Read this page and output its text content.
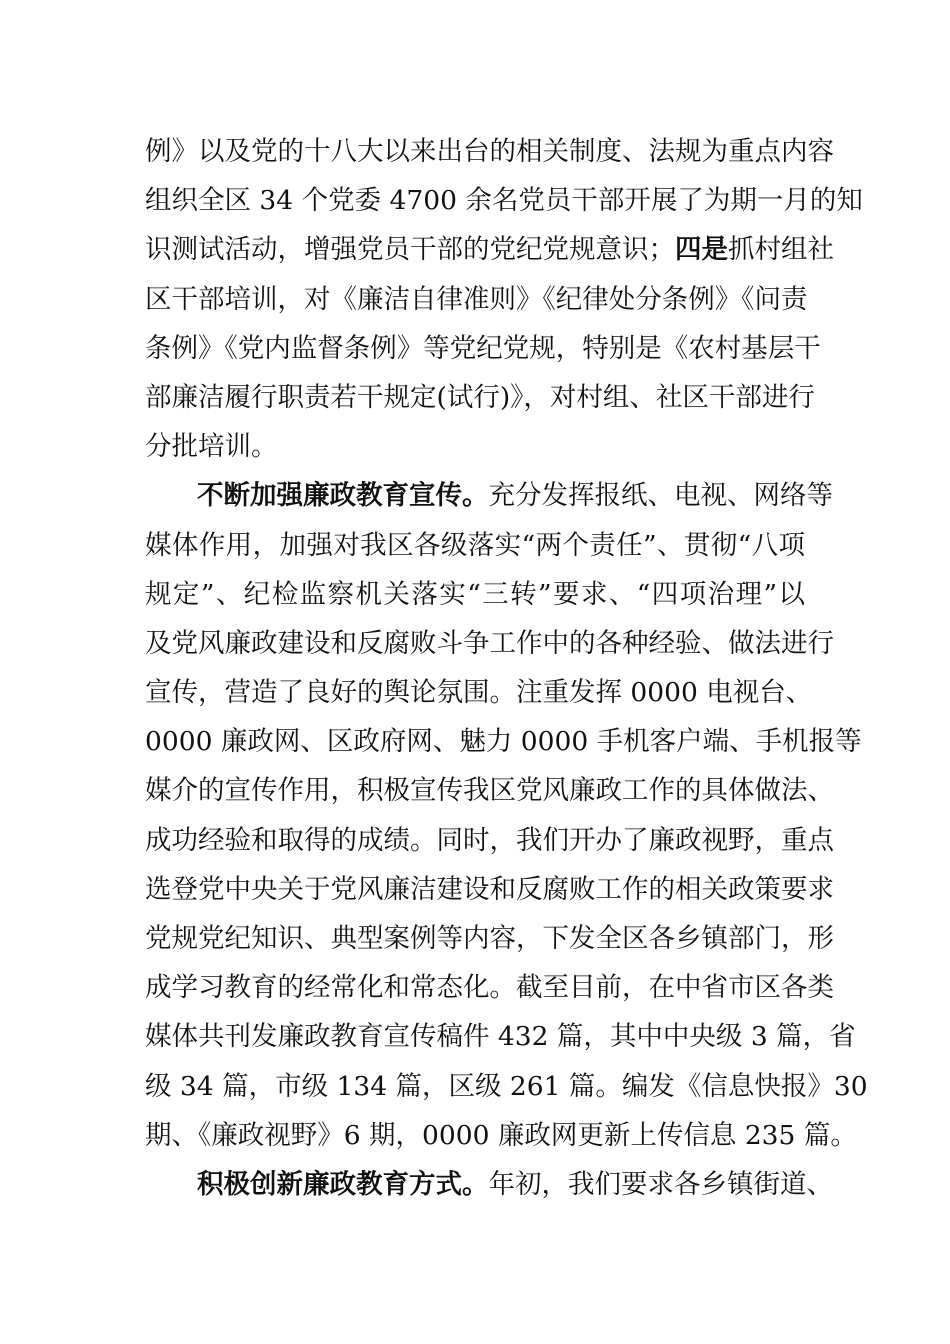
例》以及党的十八大以来出台的相关制度、法规为重点内容
组织全区 34 个党委 4700 余名党员干部开展了为期一月的知
识测试活动，增强党员干部的党纪党规意识；四是抓村组社
区干部培训，对《廉洁自律准则》《纪律处分条例》《问责
条例》《党内监督条例》等党纪党规，特别是《农村基层干
部廉洁履行职责若干规定(试行)》，对村组、社区干部进行
分批培训。
不断加强廉政教育宣传。充分发挥报纸、电视、网络等
媒体作用，加强对我区各级落实“两个责任”、贯彻“八项
规定”、纪检监察机关落实“三转”要求、“四项治理”以
及党风廉政建设和反腐败斗争工作中的各种经验、做法进行
宣传，营造了良好的舆论氛围。注重发挥 0000 电视台、
0000 廉政网、区政府网、魅力 0000 手机客户端、手机报等
媒介的宣传作用，积极宣传我区党风廉政工作的具体做法、
成功经验和取得的成绩。同时，我们开办了廉政视野，重点
选登党中央关于党风廉洁建设和反腐败工作的相关政策要求
党规党纪知识、典型案例等内容，下发全区各乡镇部门，形
成学习教育的经常化和常态化。截至目前，在中省市区各类
媒体共刊发廉政教育宣传稿件 432 篇，其中中央级 3 篇，省
级 34 篇，市级 134 篇，区级 261 篇。编发《信息快报》30
期、《廉政视野》6 期，0000 廉政网更新上传信息 235 篇。
积极创新廉政教育方式。年初，我们要求各乡镇街道、
